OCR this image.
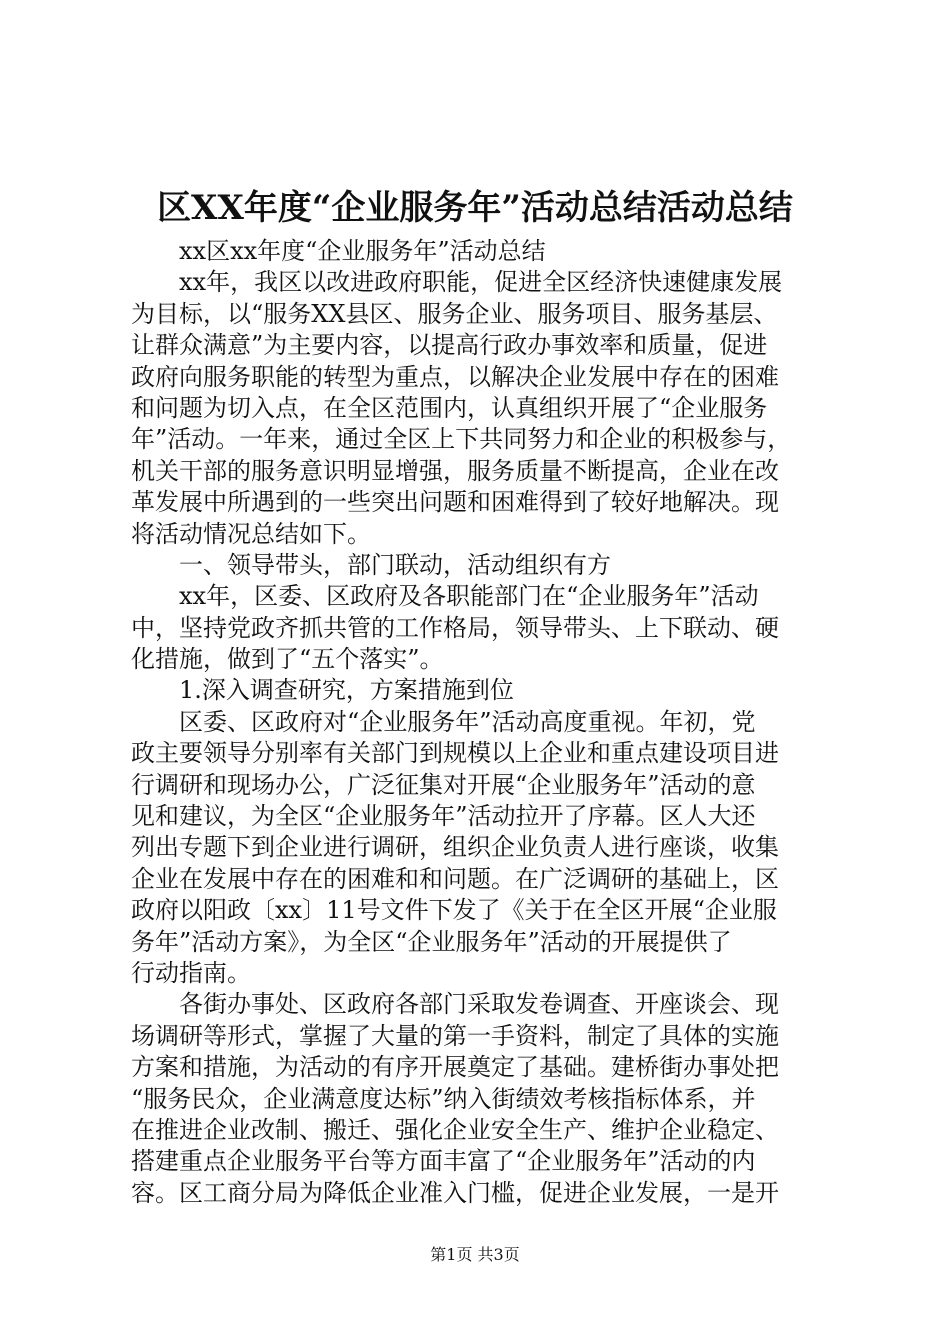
区XX年度“企业服务年”活动总结活动总结
xx区xx年度“企业服务年”活动总结
xx年，我区以改进政府职能，促进全区经济快速健康发展
为目标，以“服务XX县区、服务企业、服务项目、服务基层、
让群众满意”为主要内容，以提高行政办事效率和质量，促进
政府向服务职能的转型为重点，以解决企业发展中存在的困难
和问题为切入点，在全区范围内，认真组织开展了“企业服务
年”活动。一年来，通过全区上下共同努力和企业的积极参与，
机关干部的服务意识明显增强，服务质量不断提高，企业在改
革发展中所遇到的一些突出问题和困难得到了较好地解决。现
将活动情况总结如下。
一、领导带头，部门联动，活动组织有方
xx年，区委、区政府及各职能部门在“企业服务年”活动
中，坚持党政齐抓共管的工作格局，领导带头、上下联动、硬
化措施，做到了“五个落实”。
1.深入调查研究，方案措施到位
区委、区政府对“企业服务年”活动高度重视。年初，党
政主要领导分别率有关部门到规模以上企业和重点建设项目进
行调研和现场办公，广泛征集对开展“企业服务年”活动的意
见和建议，为全区“企业服务年”活动拉开了序幕。区人大还
列出专题下到企业进行调研，组织企业负责人进行座谈，收集
企业在发展中存在的困难和和问题。在广泛调研的基础上，区
政府以阳政〔xx〕11号文件下发了《关于在全区开展“企业服
务年”活动方案》，为全区“企业服务年”活动的开展提供了
行动指南。
各街办事处、区政府各部门采取发卷调查、开座谈会、现
场调研等形式，掌握了大量的第一手资料，制定了具体的实施
方案和措施，为活动的有序开展奠定了基础。建桥街办事处把
“服务民众，企业满意度达标”纳入街绩效考核指标体系，并
在推进企业改制、搬迁、强化企业安全生产、维护企业稳定、
搭建重点企业服务平台等方面丰富了“企业服务年”活动的内
容。区工商分局为降低企业准入门槛，促进企业发展，一是开
第1页 共3页
